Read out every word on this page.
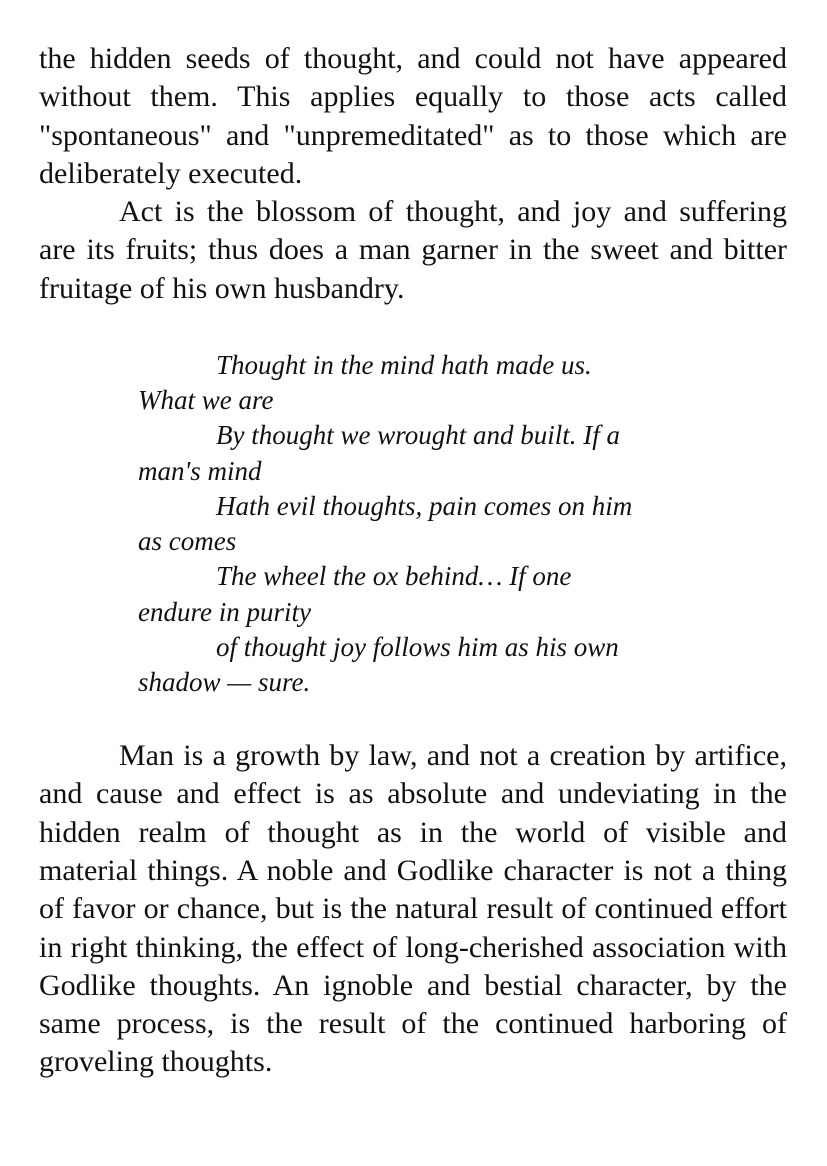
the hidden seeds of thought, and could not have appeared without them. This applies equally to those acts called "spontaneous" and "unpremeditated" as to those which are deliberately executed.

Act is the blossom of thought, and joy and suffering are its fruits; thus does a man garner in the sweet and bitter fruitage of his own husbandry.

Thought in the mind hath made us.
What we are

By thought we wrought and built. If a
man's mind

Hath evil thoughts, pain comes on him
as comes

The wheel the ox behind… If one
endure in purity

of thought joy follows him as his own
shadow — sure.

Man is a growth by law, and not a creation by artifice, and cause and effect is as absolute and undeviating in the hidden realm of thought as in the world of visible and material things. A noble and Godlike character is not a thing of favor or chance, but is the natural result of continued effort in right thinking, the effect of long-cherished association with Godlike thoughts. An ignoble and bestial character, by the same process, is the result of the continued harboring of groveling thoughts.
